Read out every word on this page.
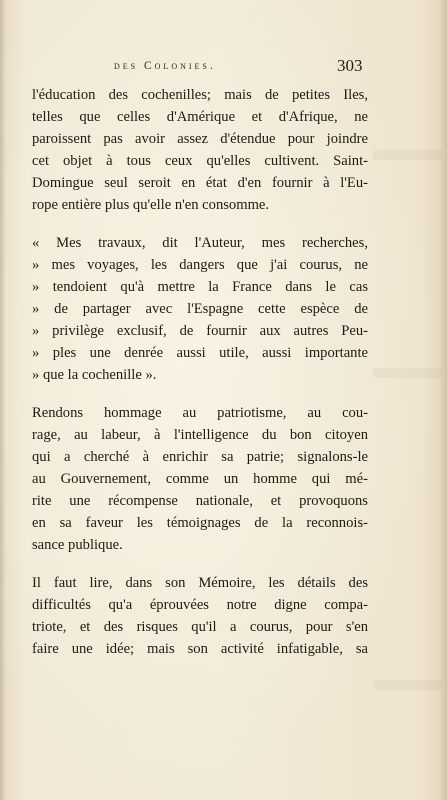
des Colonies.	303
l'éducation des cochenilles; mais de petites Iles,
telles que celles d'Amérique et d'Afrique, ne
paroissent pas avoir assez d'étendue pour joindre
cet objet à tous ceux qu'elles cultivent. Saint-
Domingue seul seroit en état d'en fournir à l'Eu-
rope entière plus qu'elle n'en consomme.
« Mes travaux, dit l'Auteur, mes recherches,
» mes voyages, les dangers que j'ai courus, ne
» tendoient qu'à mettre la France dans le cas
» de partager avec l'Espagne cette espèce de
» privilège exclusif, de fournir aux autres Peu-
» ples une denrée aussi utile, aussi importante
» que la cochenille ».
Rendons hommage au patriotisme, au cou-
rage, au labeur, à l'intelligence du bon citoyen
qui a cherché à enrichir sa patrie; signalons-le
au Gouvernement, comme un homme qui mé-
rite une récompense nationale, et provoquons
en sa faveur les témoignages de la reconnois-
sance publique.
Il faut lire, dans son Mémoire, les détails des
difficultés qu'a éprouvées notre digne compa-
triote, et des risques qu'il a courus, pour s'en
faire une idée; mais son activité infatigable, sa
